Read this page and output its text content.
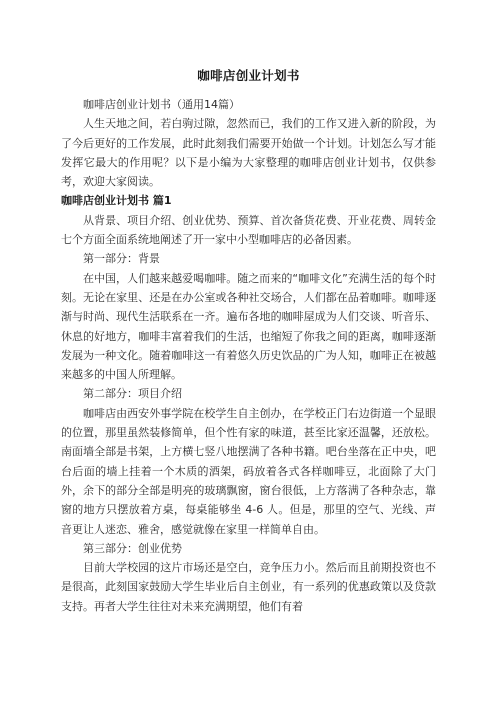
咖啡店创业计划书

咖啡店创业计划书（通用14篇）

人生天地之间，若白驹过隙，忽然而已，我们的工作又进入新的阶段，为了今后更好的工作发展，此时此刻我们需要开始做一个计划。计划怎么写才能发挥它最大的作用呢？以下是小编为大家整理的咖啡店创业计划书，仅供参考，欢迎大家阅读。

咖啡店创业计划书 篇1

从背景、项目介绍、创业优势、预算、首次备货花费、开业花费、周转金七个方面全面系统地阐述了开一家中小型咖啡店的必备因素。

第一部分：背景

在中国，人们越来越爱喝咖啡。随之而来的“咖啡文化”充满生活的每个时刻。无论在家里、还是在办公室或各种社交场合，人们都在品着咖啡。咖啡逐渐与时尚、现代生活联系在一齐。遍布各地的咖啡屋成为人们交谈、听音乐、休息的好地方，咖啡丰富着我们的生活，也缩短了你我之间的距离，咖啡逐渐发展为一种文化。随着咖啡这一有着悠久历史饮品的广为人知，咖啡正在被越来越多的中国人所理解。

第二部分：项目介绍

咖啡店由西安外事学院在校学生自主创办，在学校正门右边街道一个显眼的位置，那里虽然装修简单，但个性有家的味道，甚至比家还温馨，还放松。南面墙全部是书架，上方横七竖八地摆满了各种书籍。吧台坐落在正中央，吧台后面的墙上挂着一个木质的酒架，码放着各式各样咖啡豆，北面除了大门外，余下的部分全部是明亮的玻璃飘窗，窗台很低，上方落满了各种杂志，靠窗的地方只摆放着方桌，每桌能够坐 4-6 人。但是，那里的空气、光线、声音更让人迷恋、雅舍，感觉就像在家里一样简单自由。

第三部分：创业优势

目前大学校园的这片市场还是空白，竞争压力小。然后而且前期投资也不是很高，此刻国家鼓励大学生毕业后自主创业，有一系列的优惠政策以及贷款支持。再者大学生往往对未来充满期望，他们有着
